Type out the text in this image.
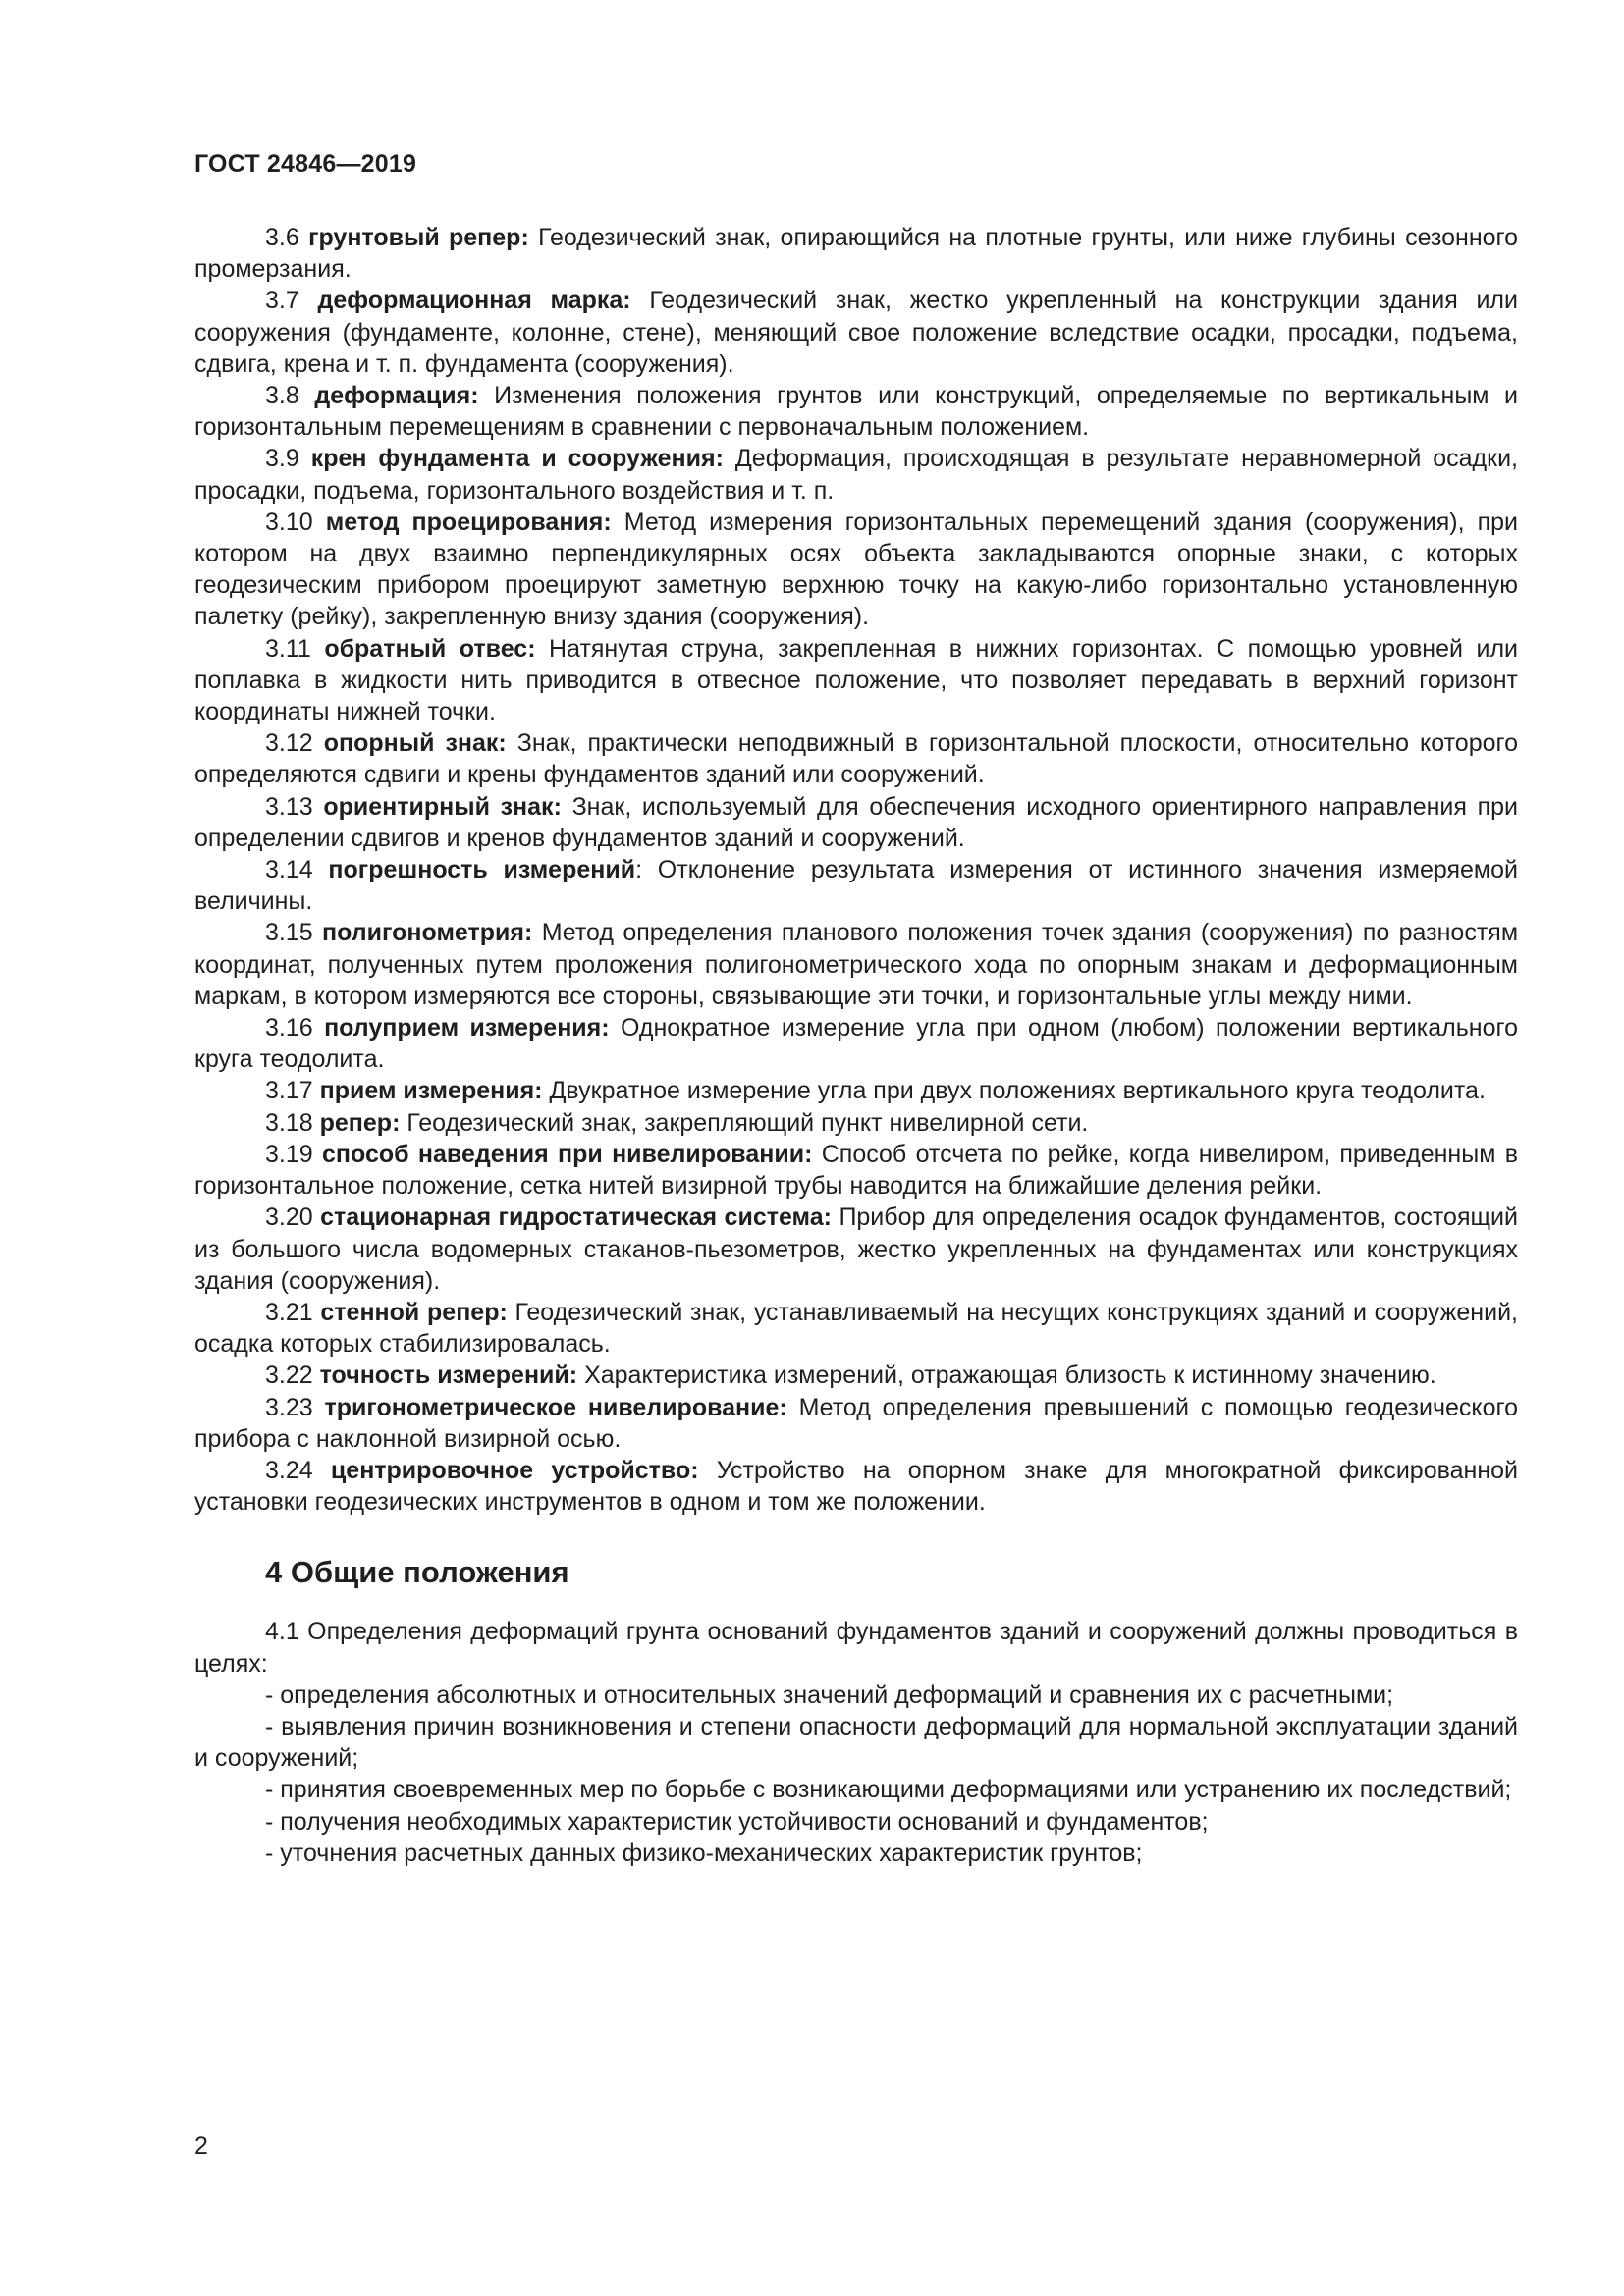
ГОСТ 24846—2019

3.6 грунтовый репер: Геодезический знак, опирающийся на плотные грунты, или ниже глубины сезонного промерзания.

3.7 деформационная марка: Геодезический знак, жестко укрепленный на конструкции здания или сооружения (фундаменте, колонне, стене), меняющий свое положение вследствие осадки, просадки, подъема, сдвига, крена и т. п. фундамента (сооружения).

3.8 деформация: Изменения положения грунтов или конструкций, определяемые по вертикальным и горизонтальным перемещениям в сравнении с первоначальным положением.

3.9 крен фундамента и сооружения: Деформация, происходящая в результате неравномерной осадки, просадки, подъема, горизонтального воздействия и т. п.

3.10 метод проецирования: Метод измерения горизонтальных перемещений здания (сооружения), при котором на двух взаимно перпендикулярных осях объекта закладываются опорные знаки, с которых геодезическим прибором проецируют заметную верхнюю точку на какую-либо горизонтально установленную палетку (рейку), закрепленную внизу здания (сооружения).

3.11 обратный отвес: Натянутая струна, закрепленная в нижних горизонтах. С помощью уровней или поплавка в жидкости нить приводится в отвесное положение, что позволяет передавать в верхний горизонт координаты нижней точки.

3.12 опорный знак: Знак, практически неподвижный в горизонтальной плоскости, относительно которого определяются сдвиги и крены фундаментов зданий или сооружений.

3.13 ориентирный знак: Знак, используемый для обеспечения исходного ориентирного направления при определении сдвигов и кренов фундаментов зданий и сооружений.

3.14 погрешность измерений: Отклонение результата измерения от истинного значения измеряемой величины.

3.15 полигонометрия: Метод определения планового положения точек здания (сооружения) по разностям координат, полученных путем проложения полигонометрического хода по опорным знакам и деформационным маркам, в котором измеряются все стороны, связывающие эти точки, и горизонтальные углы между ними.

3.16 полуприем измерения: Однократное измерение угла при одном (любом) положении вертикального круга теодолита.

3.17 прием измерения: Двукратное измерение угла при двух положениях вертикального круга теодолита.

3.18 репер: Геодезический знак, закрепляющий пункт нивелирной сети.

3.19 способ наведения при нивелировании: Способ отсчета по рейке, когда нивелиром, приведенным в горизонтальное положение, сетка нитей визирной трубы наводится на ближайшие деления рейки.

3.20 стационарная гидростатическая система: Прибор для определения осадок фундаментов, состоящий из большого числа водомерных стаканов-пьезометров, жестко укрепленных на фундаментах или конструкциях здания (сооружения).

3.21 стенной репер: Геодезический знак, устанавливаемый на несущих конструкциях зданий и сооружений, осадка которых стабилизировалась.

3.22 точность измерений: Характеристика измерений, отражающая близость к истинному значению.

3.23 тригонометрическое нивелирование: Метод определения превышений с помощью геодезического прибора с наклонной визирной осью.

3.24 центрировочное устройство: Устройство на опорном знаке для многократной фиксированной установки геодезических инструментов в одном и том же положении.

4 Общие положения

4.1 Определения деформаций грунта оснований фундаментов зданий и сооружений должны проводиться в целях:

- определения абсолютных и относительных значений деформаций и сравнения их с расчетными;

- выявления причин возникновения и степени опасности деформаций для нормальной эксплуатации зданий и сооружений;

- принятия своевременных мер по борьбе с возникающими деформациями или устранению их последствий;

- получения необходимых характеристик устойчивости оснований и фундаментов;

- уточнения расчетных данных физико-механических характеристик грунтов;

2
